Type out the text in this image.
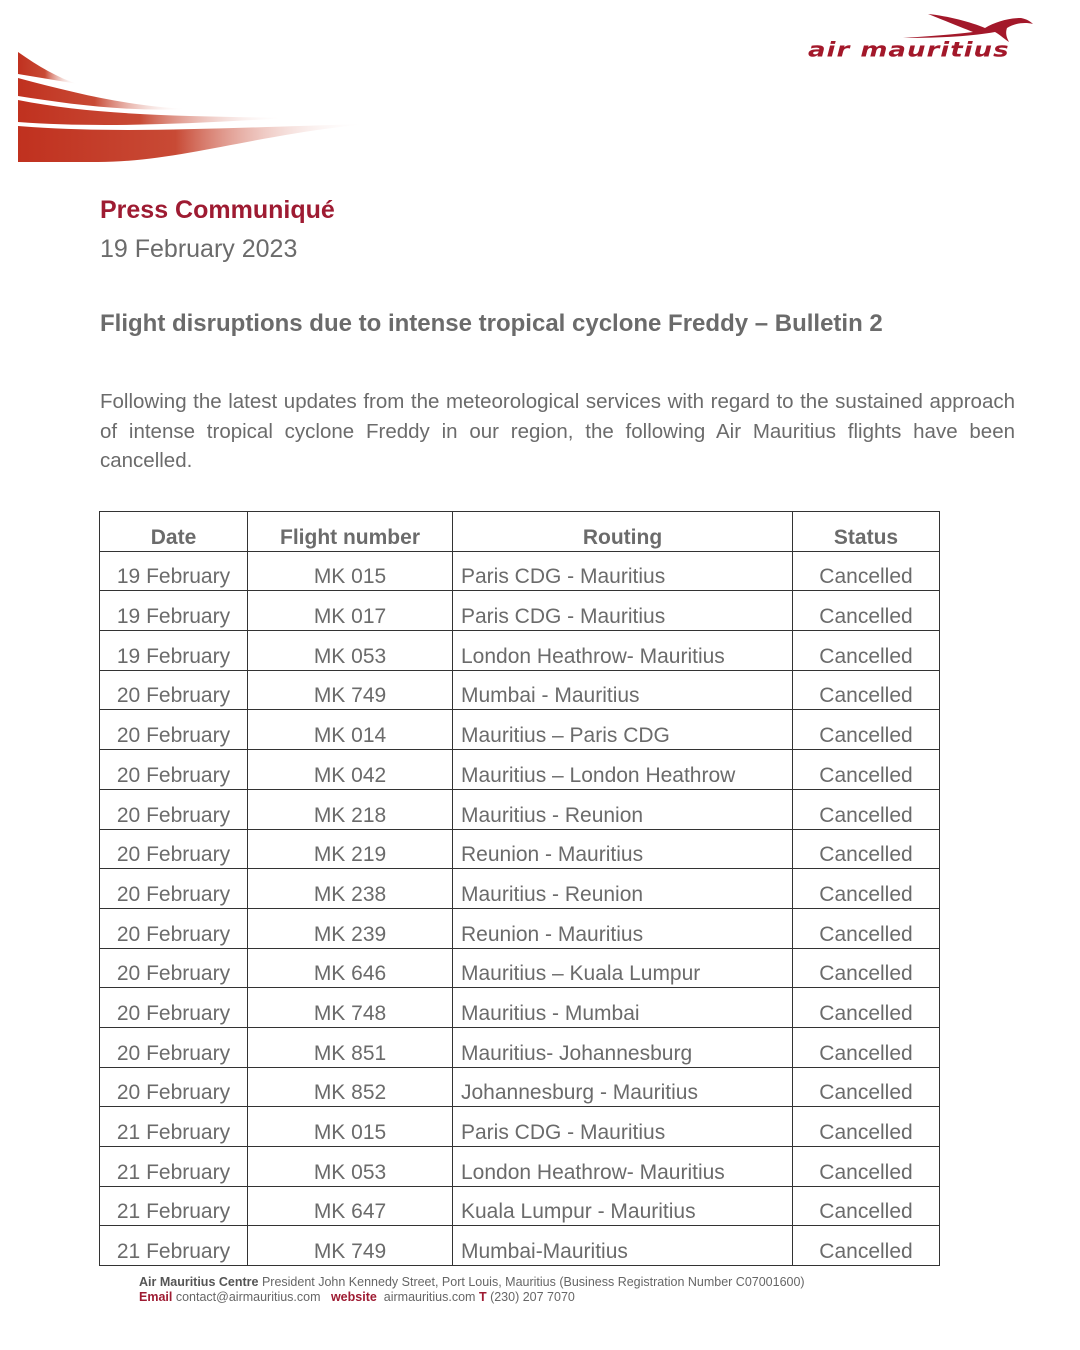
air mauritius
Press Communiqué
19 February 2023
Flight disruptions due to intense tropical cyclone Freddy – Bulletin 2
Following the latest updates from the meteorological services with regard to the sustained approach of intense tropical cyclone Freddy in our region, the following Air Mauritius flights have been cancelled.
Date	Flight number	Routing	Status
19 February	MK 015	Paris CDG - Mauritius	Cancelled
19 February	MK 017	Paris CDG - Mauritius	Cancelled
19 February	MK 053	London Heathrow- Mauritius	Cancelled
20 February	MK 749	Mumbai - Mauritius	Cancelled
20 February	MK 014	Mauritius – Paris CDG	Cancelled
20 February	MK 042	Mauritius – London Heathrow	Cancelled
20 February	MK 218	Mauritius - Reunion	Cancelled
20 February	MK 219	Reunion - Mauritius	Cancelled
20 February	MK 238	Mauritius - Reunion	Cancelled
20 February	MK 239	Reunion - Mauritius	Cancelled
20 February	MK 646	Mauritius – Kuala Lumpur	Cancelled
20 February	MK 748	Mauritius - Mumbai	Cancelled
20 February	MK 851	Mauritius- Johannesburg	Cancelled
20 February	MK 852	Johannesburg - Mauritius	Cancelled
21 February	MK 015	Paris CDG - Mauritius	Cancelled
21 February	MK 053	London Heathrow- Mauritius	Cancelled
21 February	MK 647	Kuala Lumpur - Mauritius	Cancelled
21 February	MK 749	Mumbai-Mauritius	Cancelled
Air Mauritius Centre President John Kennedy Street, Port Louis, Mauritius (Business Registration Number C07001600)
Email contact@airmauritius.com website airmauritius.com T (230) 207 7070
